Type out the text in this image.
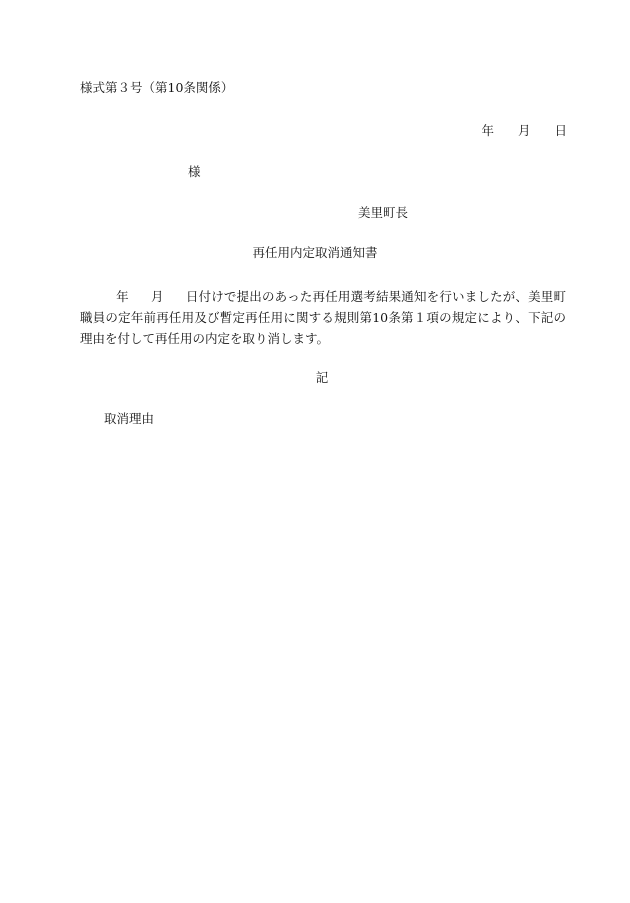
様式第３号（第10条関係）
年 月 日
様
美里町長
再任用内定取消通知書
年 月 日付けで提出のあった再任用選考結果通知を行いましたが、美里町職員の定年前再任用及び暫定再任用に関する規則第10条第１項の規定により、下記の理由を付して再任用の内定を取り消します。
記
取消理由
